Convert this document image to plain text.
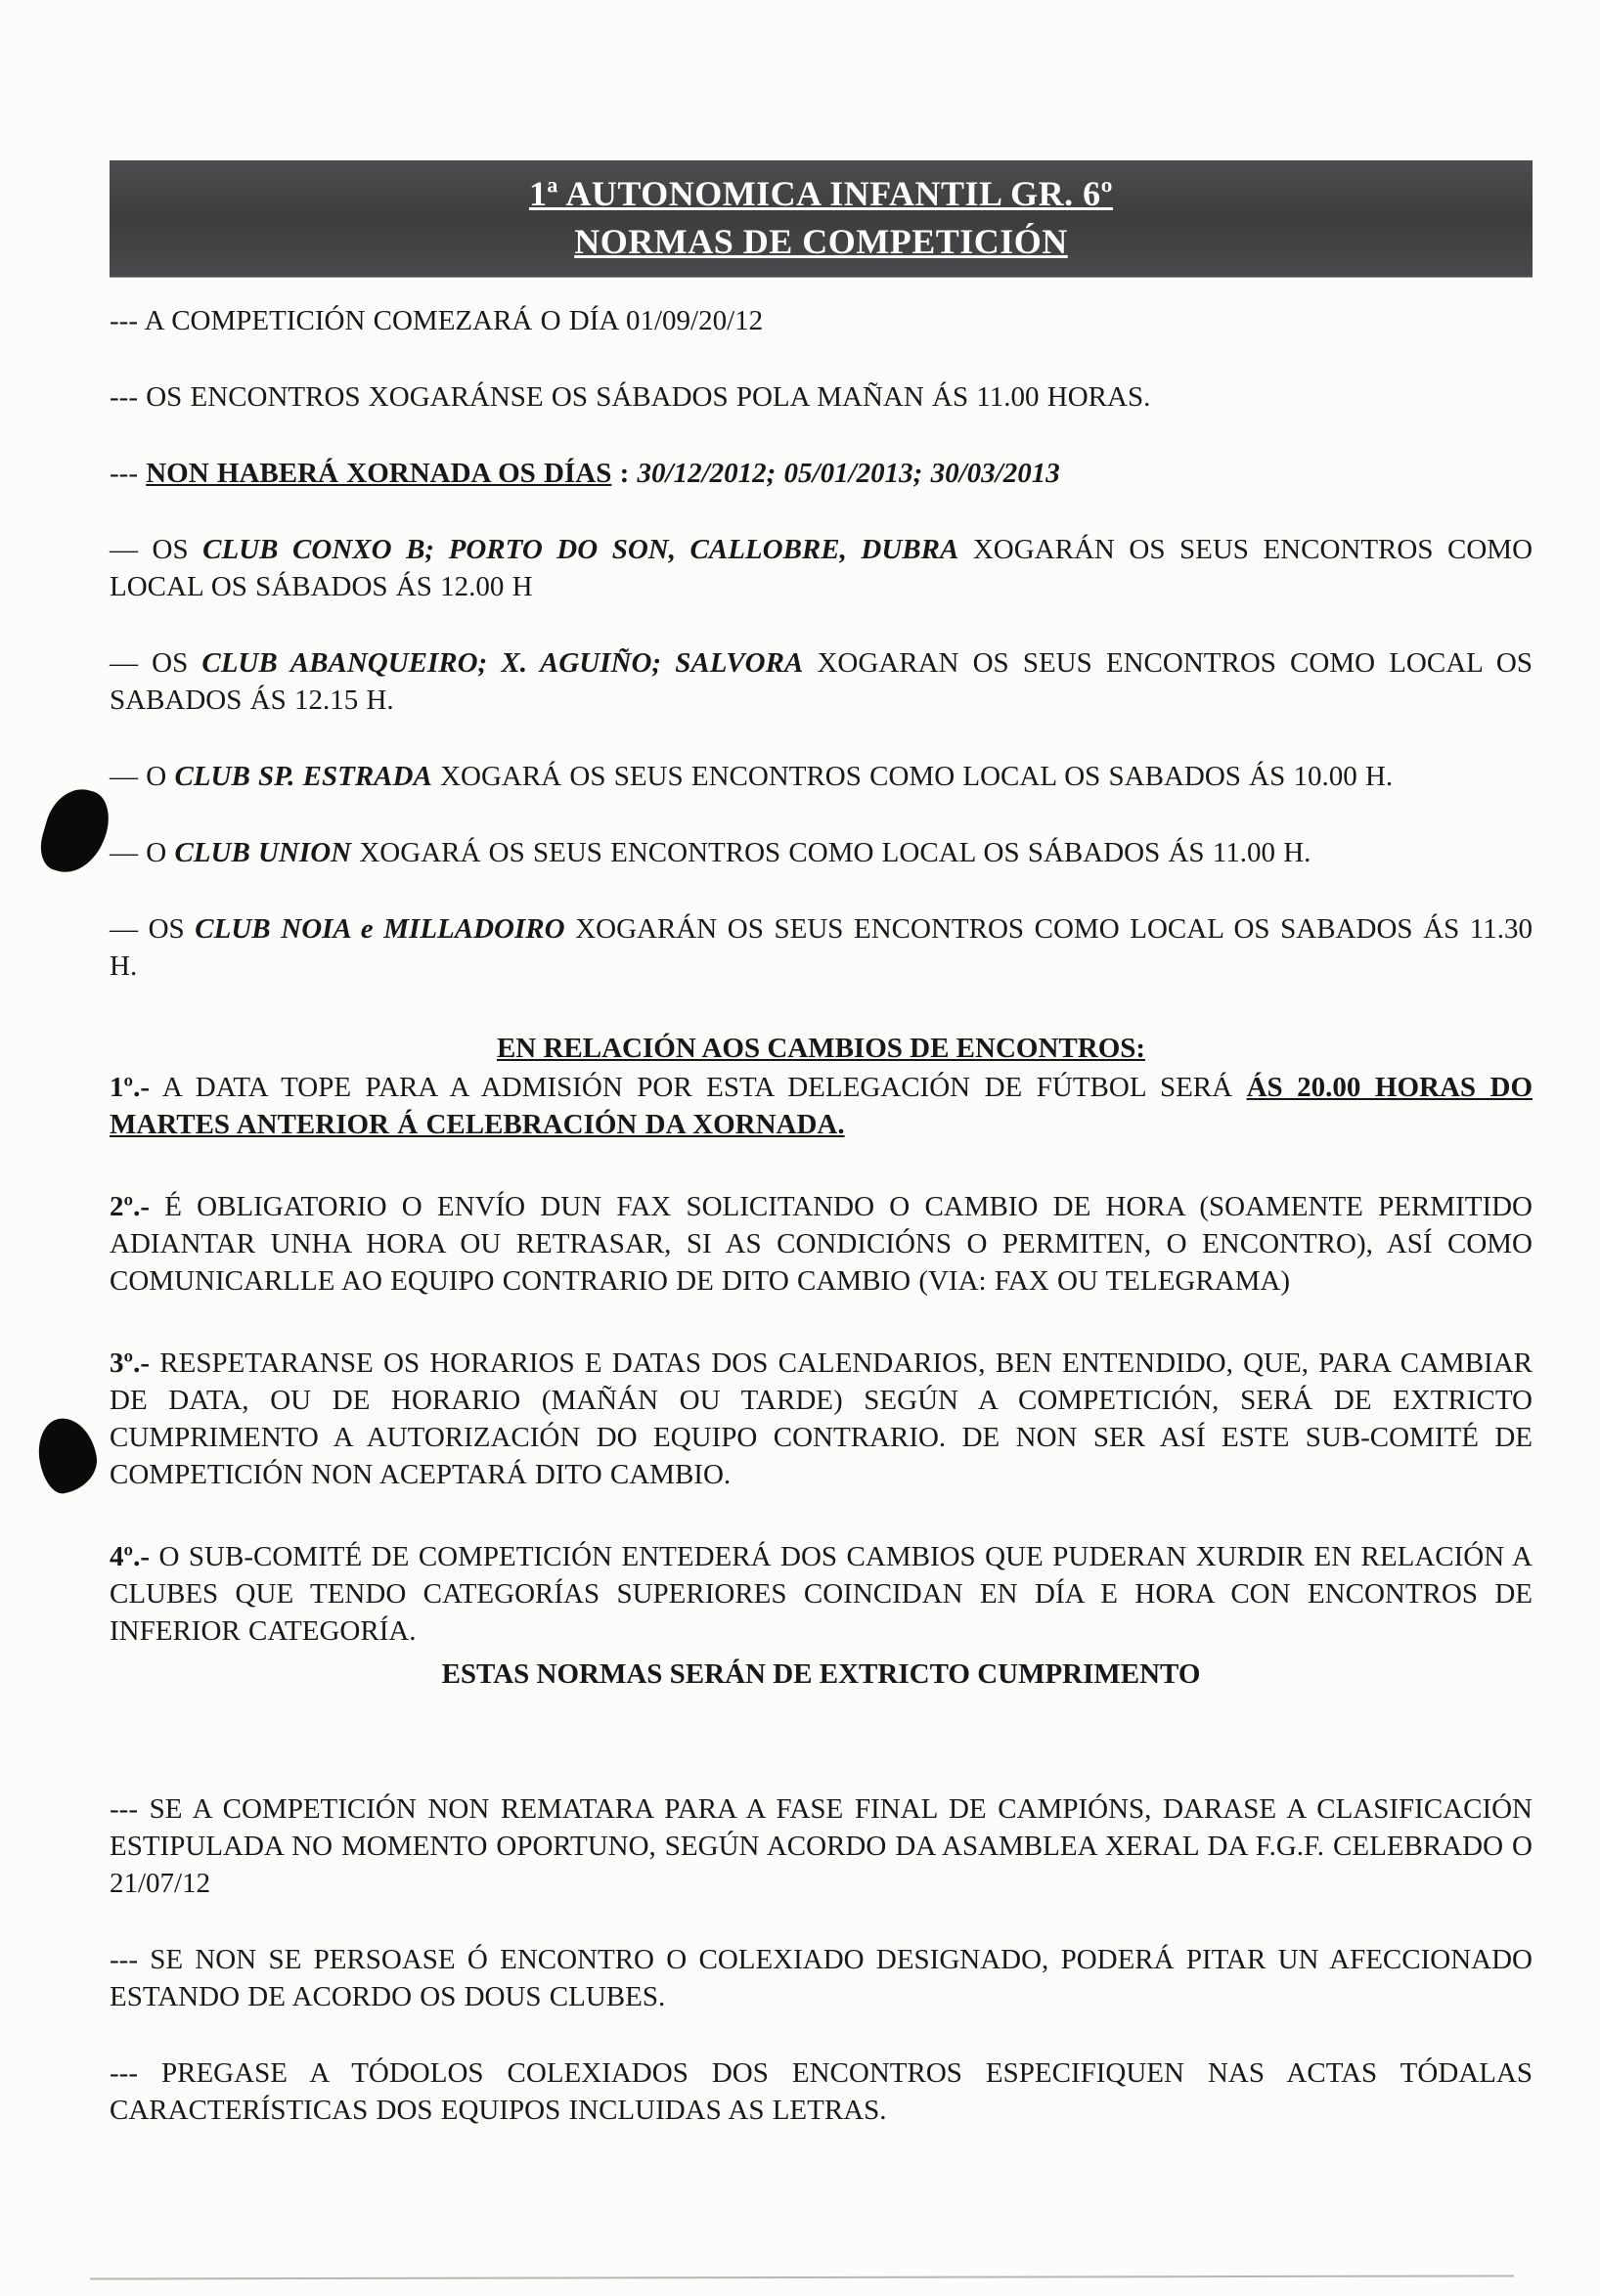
1ª AUTONOMICA INFANTIL GR. 6º
NORMAS DE COMPETICIÓN

--- A COMPETICIÓN COMEZARÁ O DÍA 01/09/20/12

--- OS ENCONTROS XOGARÁNSE OS SÁBADOS POLA MAÑAN ÁS 11.00 HORAS.

--- NON HABERÁ XORNADA OS DÍAS : 30/12/2012; 05/01/2013; 30/03/2013

— OS CLUB CONXO B; PORTO DO SON, CALLOBRE, DUBRA XOGARÁN OS SEUS ENCONTROS COMO LOCAL OS SÁBADOS ÁS 12.00 H

— OS CLUB ABANQUEIRO; X. AGUIÑO; SALVORA XOGARAN OS SEUS ENCONTROS COMO LOCAL OS SABADOS ÁS 12.15 H.

— O CLUB SP. ESTRADA XOGARÁ OS SEUS ENCONTROS COMO LOCAL OS SABADOS ÁS 10.00 H.

— O CLUB UNION XOGARÁ OS SEUS ENCONTROS COMO LOCAL OS SÁBADOS ÁS 11.00 H.

— OS CLUB NOIA e MILLADOIRO XOGARÁN OS SEUS ENCONTROS COMO LOCAL OS SABADOS ÁS 11.30 H.

EN RELACIÓN AOS CAMBIOS DE ENCONTROS:

1º.- A DATA TOPE PARA A ADMISIÓN POR ESTA DELEGACIÓN DE FÚTBOL SERÁ ÁS 20.00 HORAS DO MARTES ANTERIOR Á CELEBRACIÓN DA XORNADA.

2º.- É OBLIGATORIO O ENVÍO DUN FAX SOLICITANDO O CAMBIO DE HORA (SOAMENTE PERMITIDO ADIANTAR UNHA HORA OU RETRASAR, SI AS CONDICIÓNS O PERMITEN, O ENCONTRO), ASÍ COMO COMUNICARLLE AO EQUIPO CONTRARIO DE DITO CAMBIO (VIA: FAX OU TELEGRAMA)

3º.- RESPETARANSE OS HORARIOS E DATAS DOS CALENDARIOS, BEN ENTENDIDO, QUE, PARA CAMBIAR DE DATA, OU DE HORARIO (MAÑÁN OU TARDE) SEGÚN A COMPETICIÓN, SERÁ DE EXTRICTO CUMPRIMENTO A AUTORIZACIÓN DO EQUIPO CONTRARIO. DE NON SER ASÍ ESTE SUB-COMITÉ DE COMPETICIÓN NON ACEPTARÁ DITO CAMBIO.

4º.- O SUB-COMITÉ DE COMPETICIÓN ENTEDERÁ DOS CAMBIOS QUE PUDERAN XURDIR EN RELACIÓN A CLUBES QUE TENDO CATEGORÍAS SUPERIORES COINCIDAN EN DÍA E HORA CON ENCONTROS DE INFERIOR CATEGORÍA.

ESTAS NORMAS SERÁN DE EXTRICTO CUMPRIMENTO

--- SE A COMPETICIÓN NON REMATARA PARA A FASE FINAL DE CAMPIÓNS, DARASE A CLASIFICACIÓN ESTIPULADA NO MOMENTO OPORTUNO, SEGÚN ACORDO DA ASAMBLEA XERAL DA F.G.F. CELEBRADO O 21/07/12

--- SE NON SE PERSOASE Ó ENCONTRO O COLEXIADO DESIGNADO, PODERÁ PITAR UN AFECCIONADO ESTANDO DE ACORDO OS DOUS CLUBES.

--- PREGASE A TÓDOLOS COLEXIADOS DOS ENCONTROS ESPECIFIQUEN NAS ACTAS TÓDALAS CARACTERÍSTICAS DOS EQUIPOS INCLUIDAS AS LETRAS.
